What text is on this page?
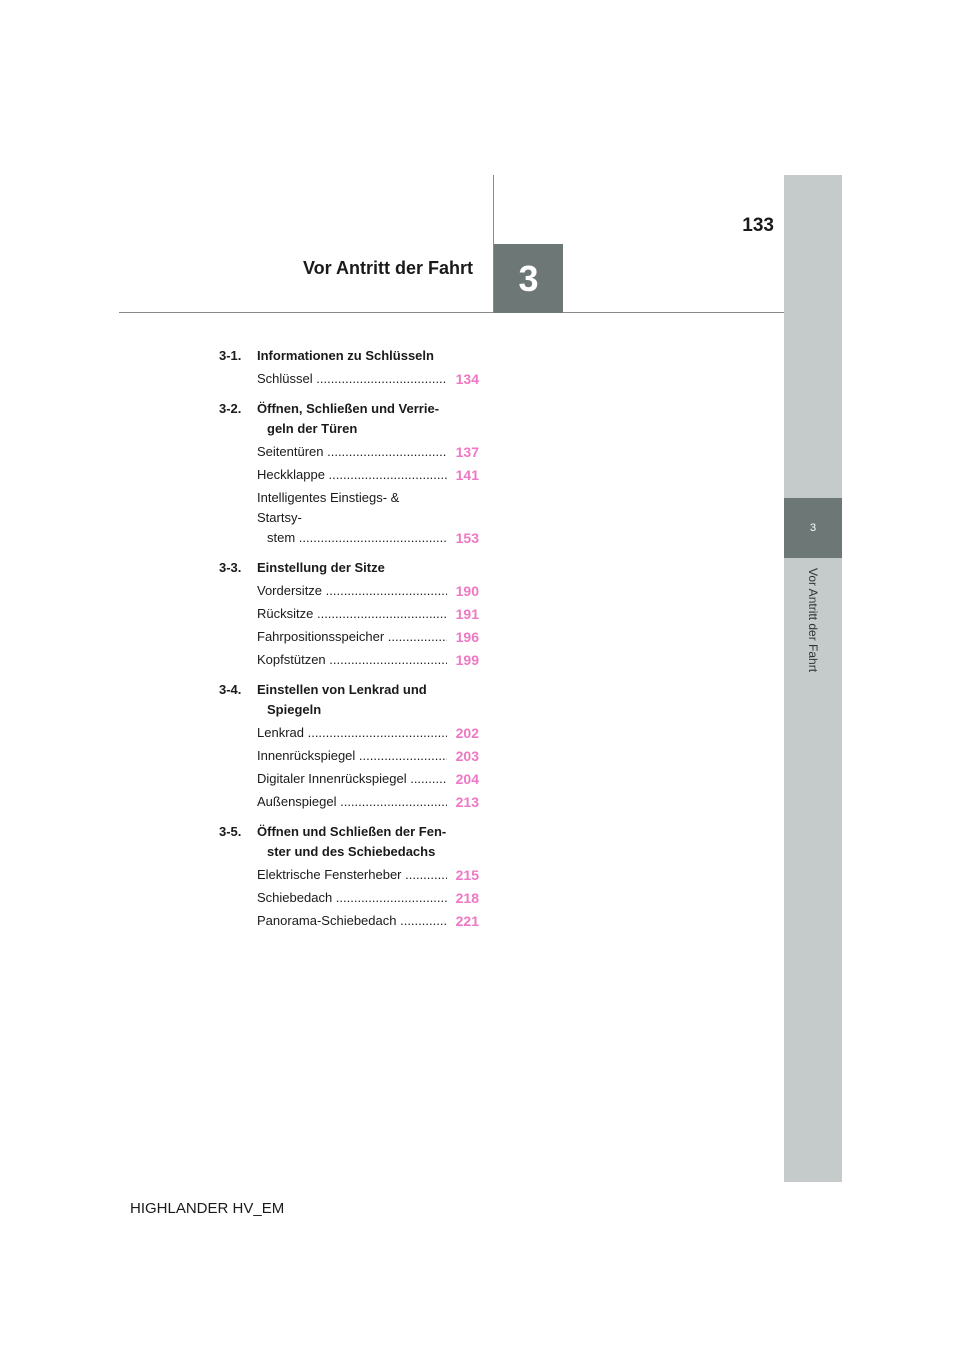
3
133
Vor Antritt der Fahrt
3
Vor Antritt der Fahrt
3-1.	Informationen zu Schlüsseln
Schlüssel .....	134
3-2.	Öffnen, Schließen und Verrie-
geln der Türen
Seitentüren .....	137
Heckklappe .....	141
Intelligentes Einstiegs- & Startsy-
stem .....	153
3-3.	Einstellung der Sitze
Vordersitze .....	190
Rücksitze .....	191
Fahrpositionsspeicher .....	196
Kopfstützen .....	199
3-4.	Einstellen von Lenkrad und
Spiegeln
Lenkrad .....	202
Innenrückspiegel .....	203
Digitaler Innenrückspiegel .....	204
Außenspiegel .....	213
3-5.	Öffnen und Schließen der Fen-
ster und des Schiebedachs
Elektrische Fensterheber .....	215
Schiebedach .....	218
Panorama-Schiebedach .....	221
HIGHLANDER HV_EM
